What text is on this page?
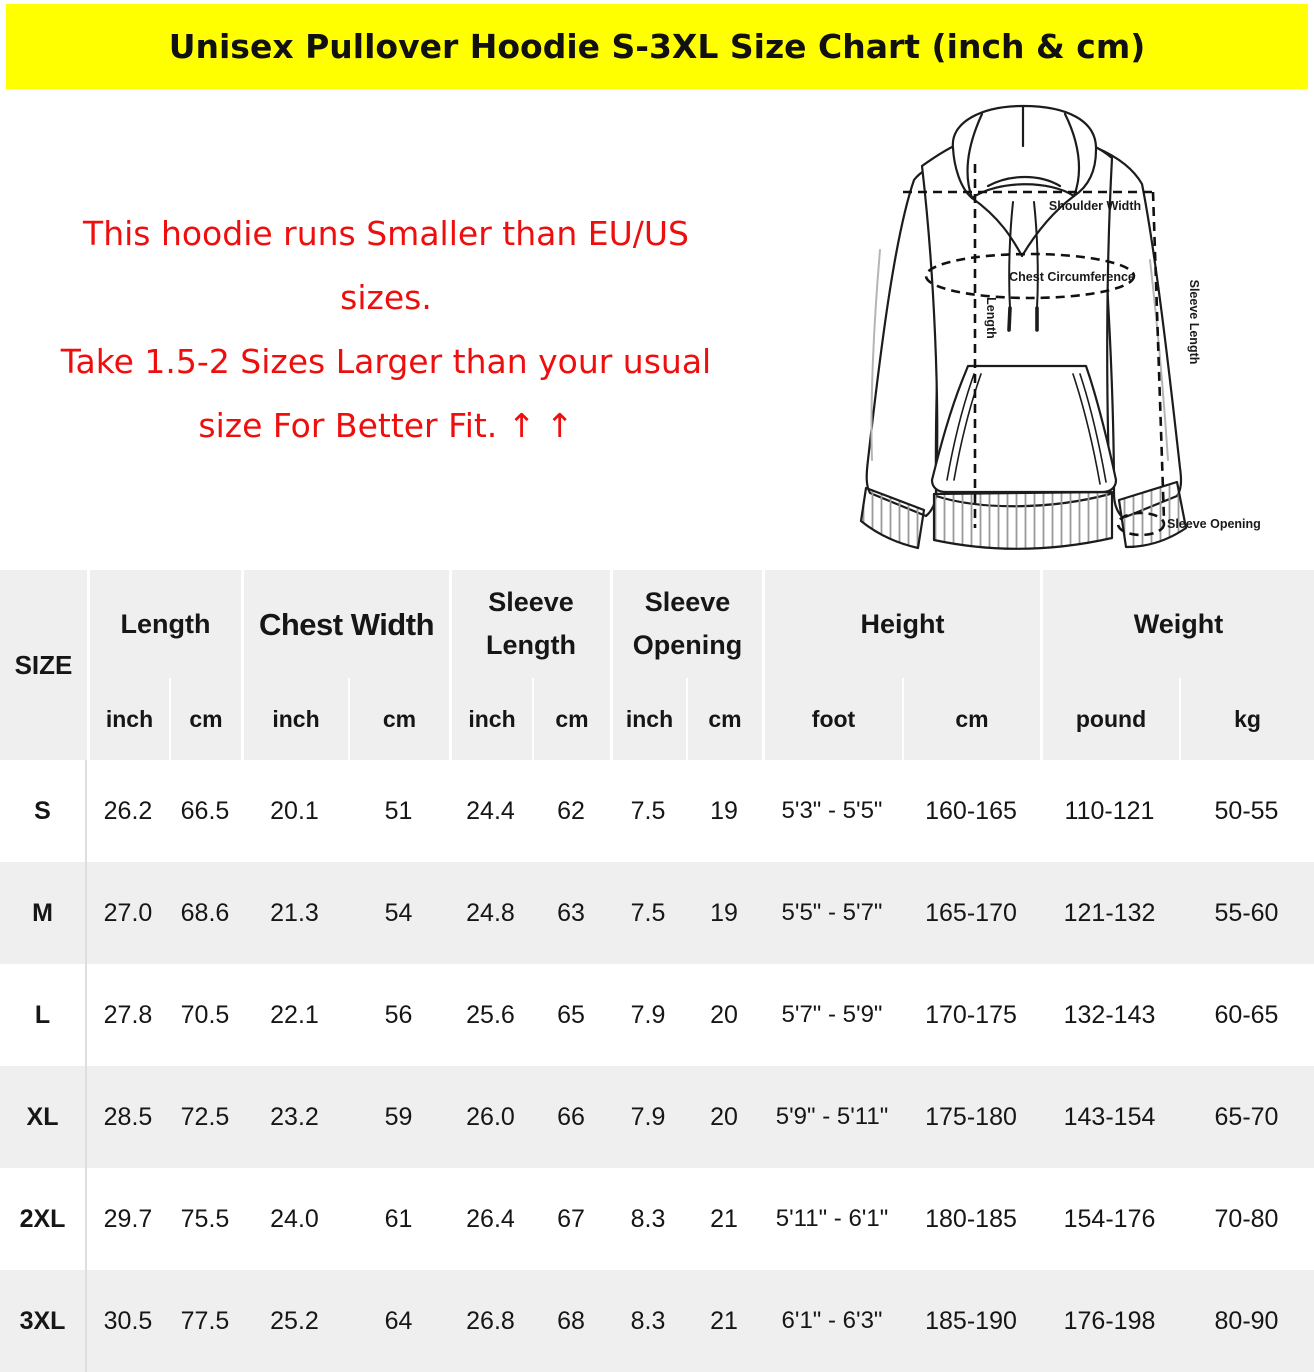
Unisex Pullover Hoodie S-3XL Size Chart (inch & cm)
This hoodie runs Smaller than EU/US
sizes.
Take 1.5-2 Sizes Larger than your usual
size For Better Fit. ↑ ↑
Shoulder Width
Chest Circumference
Length	Sleeve Length
Sleeve Opening
Length	Chest Width
Sleeve Length
Sleeve Opening
Height	Weight
inch	cm	inch	cm	inch	cm	inch	cm	foot	cm	pound	kg
SIZE
S	26.2	66.5	20.1	51	24.4	62	7.5	19	5'3" - 5'5"	160-165	110-121	50-55
M	27.0	68.6	21.3	54	24.8	63	7.5	19	5'5" - 5'7"	165-170	121-132	55-60
L	27.8	70.5	22.1	56	25.6	65	7.9	20	5'7" - 5'9"	170-175	132-143	60-65
XL	28.5	72.5	23.2	59	26.0	66	7.9	20	5'9" - 5'11"	175-180	143-154	65-70
2XL	29.7	75.5	24.0	61	26.4	67	8.3	21	5'11" - 6'1"	180-185	154-176	70-80
3XL	30.5	77.5	25.2	64	26.8	68	8.3	21	6'1" - 6'3"	185-190	176-198	80-90
